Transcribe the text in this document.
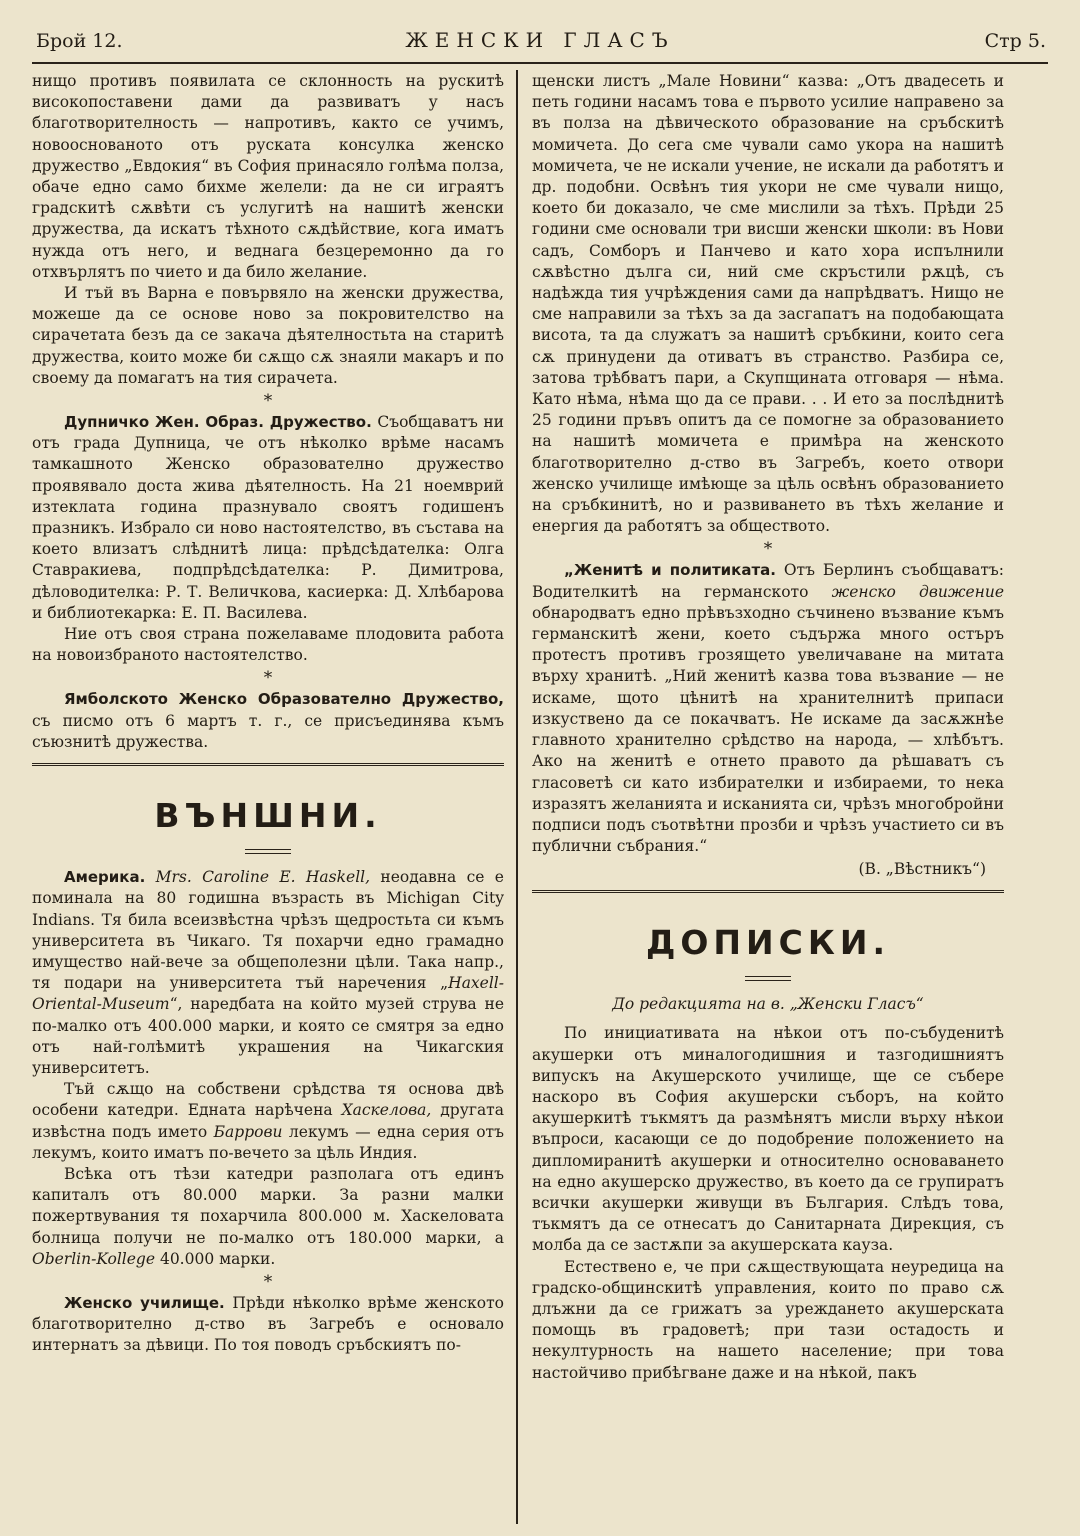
Брой 12.	ЖЕНСКИ ГЛАСЪ	Стр 5.

нищо противъ появилата се склонность на рускитѣ високопоставени дами да развиватъ у насъ благотворителность — напротивъ, както се учимъ, новооснованото отъ руската консулка женско дружество „Евдокия“ въ София принасяло голѣма полза, обаче едно само бихме желели: да не си играятъ градскитѣ сѫвѣти съ услугитѣ на нашитѣ женски дружества, да искатъ тѣхното сѫдѣйствие, кога иматъ нужда отъ него, и веднага безцеремонно да го отхвърлятъ по чието и да било желание.

И тъй въ Варна е повървяло на женски дружества, можеше да се основе ново за покровителство на сирачетата безъ да се закача дѣятелностьта на старитѣ дружества, които може би сѫщо сѫ знаяли макаръ и по своему да помагатъ на тия сирачета.

*

Дупничко Жен. Образ. Дружество. Съобщаватъ ни отъ града Дупница, че отъ нѣколко врѣме насамъ тамкашното Женско образователно дружество проявявало доста жива дѣятелность. На 21 ноемврий изтеклата година празнувало своятъ годишенъ празникъ. Избрало си ново настоятелство, въ състава на което влизатъ слѣднитѣ лица: прѣдсѣдателка: Олга Ставракиева, подпрѣдсѣдателка: Р. Димитрова, дѣловодителка: Р. Т. Величкова, касиерка: Д. Хлѣбарова и библиотекарка: Е. П. Василева.

Ние отъ своя страна пожелаваме плодовита работа на новоизбраното настоятелство.

*

Ямболското Женско Образователно Дружество, съ писмо отъ 6 мартъ т. г., се присъединява къмъ съюзнитѣ дружества.

ВЪНШНИ.

Америка. Mrs. Caroline E. Haskell, неодавна се е поминала на 80 годишна възрасть въ Michigan City Indians. Тя била всеизвѣстна чрѣзъ щедростьта си къмъ университета въ Чикаго. Тя похарчи едно грамадно имущество най-вече за общеполезни цѣли. Така напр., тя подари на университета тъй наречения „Haxell-Oriental-Museum“, наредбата на който музей струва не по-малко отъ 400.000 марки, и която се смятря за едно отъ най-голѣмитѣ украшения на Чикагския университетъ.

Тъй сѫщо на собствени срѣдства тя основа двѣ особени катедри. Едната нарѣчена Хаскелова, другата извѣстна подъ името Баррови лекумъ — една серия отъ лекумъ, които иматъ по-вечето за цѣль Индия.

Всѣка отъ тѣзи катедри разполага отъ единъ капиталъ отъ 80.000 марки. За разни малки пожертвувания тя похарчила 800.000 м. Хаскеловата болница получи не по-малко отъ 180.000 марки, а Oberlin-Kollege 40.000 марки.

*

Женско училище. Прѣди нѣколко врѣме женското благотворително д-ство въ Загребъ е основало интернатъ за дѣвици. По тоя поводъ сръбскиятъ по-

щенски листъ „Мале Новини“ казва: „Отъ двадесеть и петь години насамъ това е първото усилие направено за въ полза на дѣвическото образование на сръбскитѣ момичета. До сега сме чували само укора на нашитѣ момичета, че не искали учение, не искали да работятъ и др. подобни. Освѣнъ тия укори не сме чували нищо, което би доказало, че сме мислили за тѣхъ. Прѣди 25 години сме основали три висши женски школи: въ Нови садъ, Сомборъ и Панчево и като хора испълнили сѫвѣстно дълга си, ний сме скръстили рѫцѣ, съ надѣжда тия учрѣждения сами да напрѣдватъ. Нищо не сме направили за тѣхъ за да засгапатъ на подобающата висота, та да служатъ за нашитѣ сръбкини, които сега сѫ принудени да отиватъ въ странство. Разбира се, затова трѣбватъ пари, а Скупщината отговаря — нѣма. Като нѣма, нѣма що да се прави. . . И ето за послѣднитѣ 25 години пръвъ опитъ да се помогне за образованието на нашитѣ момичета е примѣра на женското благотворително д-ство въ Загребъ, което отвори женско училище имѣюще за цѣль освѣнъ образованието на сръбкинитѣ, но и развиването въ тѣхъ желание и енергия да работятъ за обществото.

*

„Женитѣ и политиката. Отъ Берлинъ съобщаватъ: Водителкитѣ на германското женско движение обнародватъ едно прѣвъзходно съчинено възвание къмъ германскитѣ жени, което съдържа много остъръ протестъ противъ грозящето увеличаване на митата върху хранитѣ. „Ний женитѣ казва това възвание — не искаме, щото цѣнитѣ на хранителнитѣ припаси изкуствено да се покачватъ. Не искаме да засѫжнѣе главното хранително срѣдство на народа, — хлѣбътъ. Ако на женитѣ е отнето правото да рѣшаватъ съ гласоветѣ си като избирателки и избираеми, то нека изразятъ желанията и исканията си, чрѣзъ многобройни подписи подъ съотвѣтни прозби и чрѣзъ участието си въ публични събрания.“

(В. „Вѣстникъ“)
ДОПИСКИ.
До редакцията на в. „Женски Гласъ“

По инициативата на нѣкои отъ по-събуденитѣ акушерки отъ миналогодишния и тазгодишниятъ випускъ на Акушерското училище, ще се събере наскоро въ София акушерски съборъ, на който акушеркитѣ тъкмятъ да размѣнятъ мисли върху нѣкои въпроси, касающи се до подобрение положението на дипломиранитѣ акушерки и относително основаването на едно акушерско дружество, въ което да се групиратъ всички акушерки живущи въ България. Слѣдъ това, тъкмятъ да се отнесатъ до Санитарната Дирекция, съ молба да се застѫпи за акушерската кауза.

Естествено е, че при сѫществующата неуредица на градско-общинскитѣ управления, които по право сѫ длъжни да се грижатъ за уреждането акушерската помощь въ градоветѣ; при тази остадость и некултурность на нашето население; при това настойчиво прибѣгване даже и на нѣкой, пакъ
